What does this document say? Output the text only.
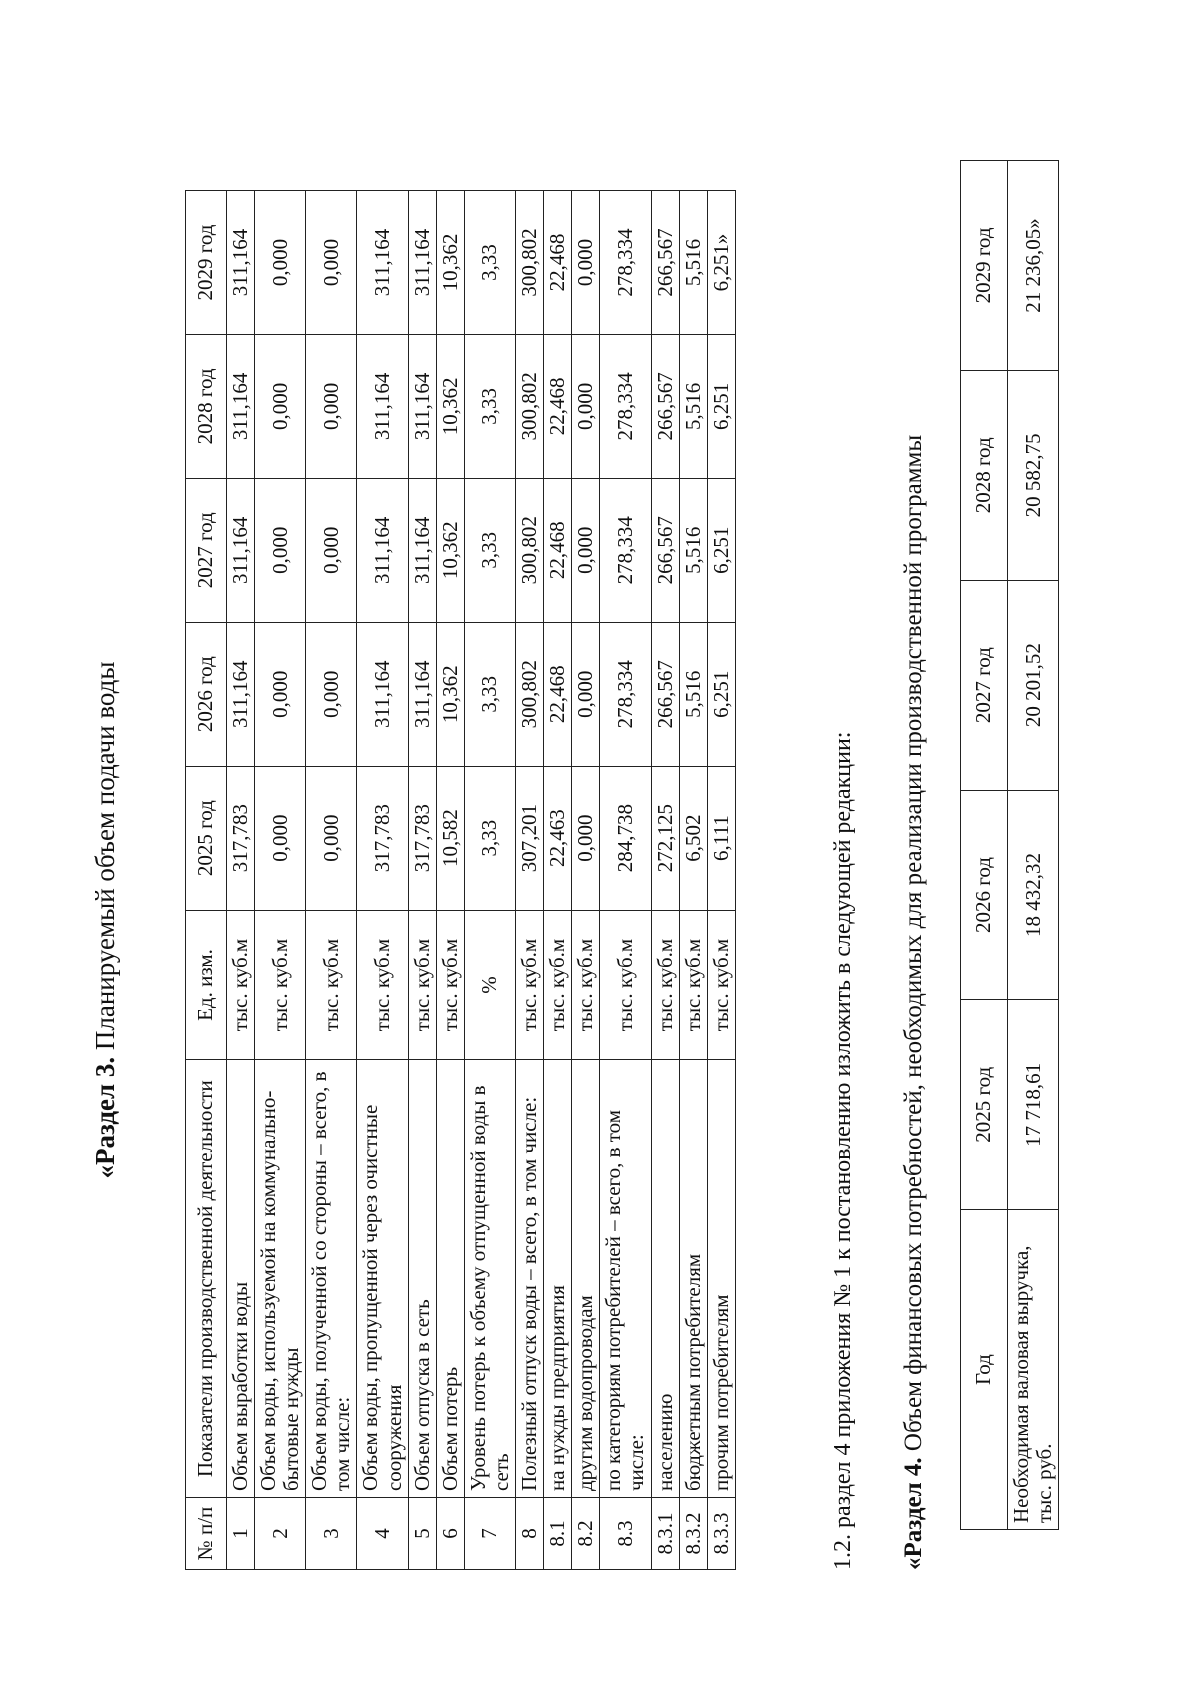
«Раздел 3. Планируемый объем подачи воды
№ п/п	Показатели производственной деятельности	Ед. изм.	2025 год	2026 год	2027 год	2028 год	2029 год
1	Объем выработки воды	тыс. куб.м	317,783	311,164	311,164	311,164	311,164
2	Объем воды, используемой на коммунально-бытовые нужды	тыс. куб.м	0,000	0,000	0,000	0,000	0,000
3	Объем воды, полученной со стороны – всего, в том числе:	тыс. куб.м	0,000	0,000	0,000	0,000	0,000
4	Объем воды, пропущенной через очистные сооружения	тыс. куб.м	317,783	311,164	311,164	311,164	311,164
5	Объем отпуска в сеть	тыс. куб.м	317,783	311,164	311,164	311,164	311,164
6	Объем потерь	тыс. куб.м	10,582	10,362	10,362	10,362	10,362
7	Уровень потерь к объему отпущенной воды в сеть	%	3,33	3,33	3,33	3,33	3,33
8	Полезный отпуск воды – всего, в том числе:	тыс. куб.м	307,201	300,802	300,802	300,802	300,802
8.1	на нужды предприятия	тыс. куб.м	22,463	22,468	22,468	22,468	22,468
8.2	другим водопроводам	тыс. куб.м	0,000	0,000	0,000	0,000	0,000
8.3	по категориям потребителей – всего, в том числе:	тыс. куб.м	284,738	278,334	278,334	278,334	278,334
8.3.1	населению	тыс. куб.м	272,125	266,567	266,567	266,567	266,567
8.3.2	бюджетным потребителям	тыс. куб.м	6,502	5,516	5,516	5,516	5,516
8.3.3	прочим потребителям	тыс. куб.м	6,111	6,251	6,251	6,251	6,251»
1.2. раздел 4 приложения № 1 к постановлению изложить в следующей редакции: «Раздел 4. Объем финансовых потребностей, необходимых для реализации производственной программы Год	2025 год	2026 год	2027 год	2028 год	2029 год
Необходимая валовая выручка, тыс. руб.	17 718,61	18 432,32	20 201,52	20 582,75	21 236,05»
